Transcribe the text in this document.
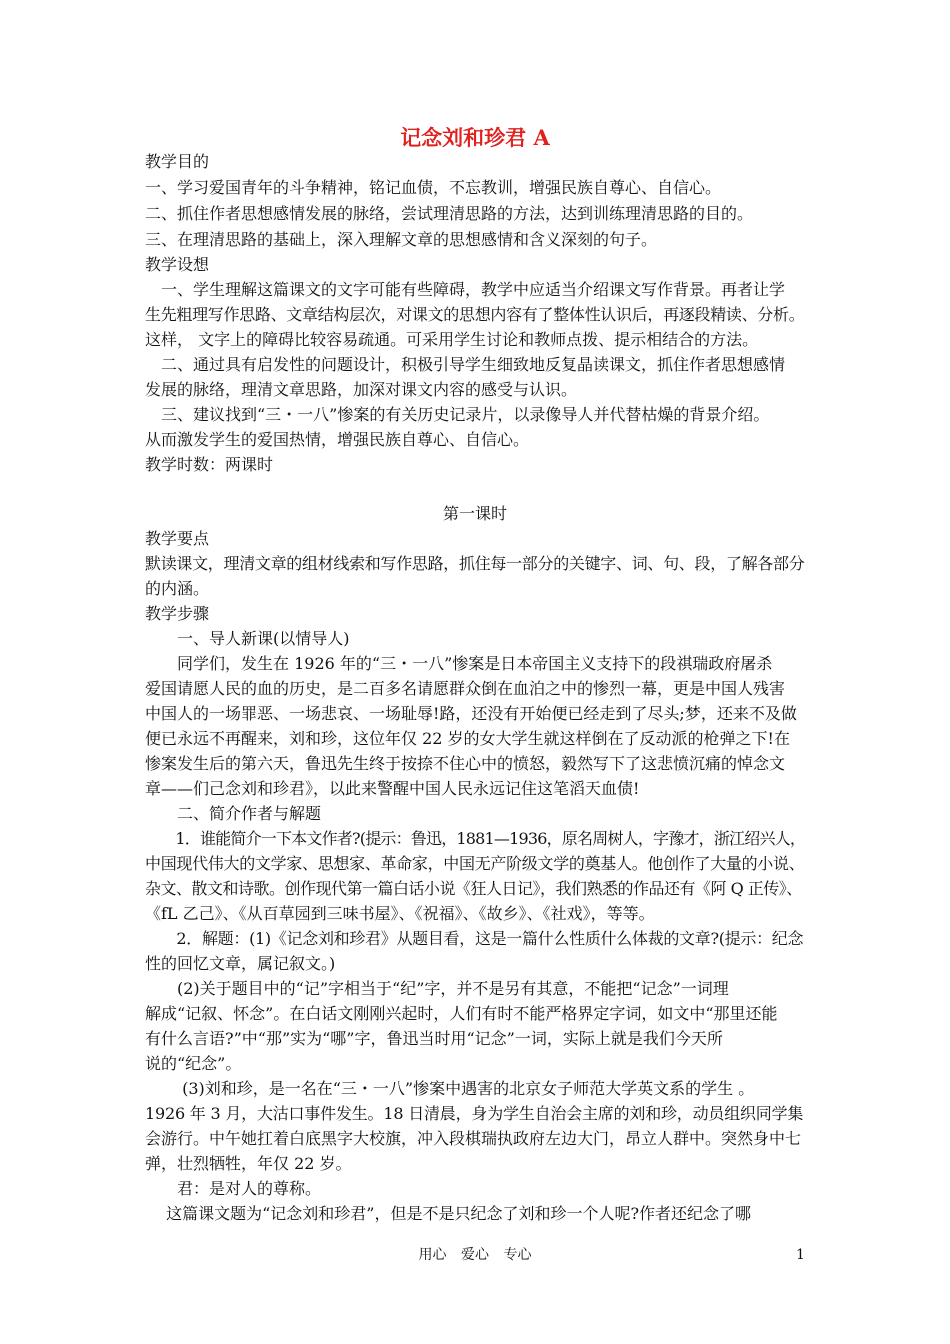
记念刘和珍君 A
教学目的
一、学习爱国青年的斗争精神，铭记血债，不忘教训，增强民族自尊心、自信心。
二、抓住作者思想感情发展的脉络，尝试理清思路的方法，达到训练理清思路的目的。
三、在理清思路的基础上，深入理解文章的思想感情和含义深刻的句子。
教学设想
　一、学生理解这篇课文的文字可能有些障碍，教学中应适当介绍课文写作背景。再者让学
生先粗理写作思路、文章结构层次，对课文的思想内容有了整体性认识后，再逐段精读、分析。
这样， 文字上的障碍比较容易疏通。可采用学生讨论和教师点拨、提示相结合的方法。
　二、通过具有启发性的问题设计，积极引导学生细致地反复晶读课文，抓住作者思想感情
发展的脉络，理清文章思路，加深对课文内容的感受与认识。
　三、建议找到“三・一八”惨案的有关历史记录片，以录像导人并代替枯燥的背景介绍。
从而激发学生的爱国热情，增强民族自尊心、自信心。
教学时数：两课时
第一课时
教学要点
默读课文，理清文章的组材线索和写作思路，抓住每一部分的关键字、词、句、段，了解各部分
的内涵。
教学步骤
　　一、导人新课(以情导人)
　　同学们，发生在 1926 年的“三・一八”惨案是日本帝国主义支持下的段祺瑞政府屠杀
爱国请愿人民的血的历史，是二百多名请愿群众倒在血泊之中的惨烈一幕，更是中国人残害
中国人的一场罪恶、一场悲哀、一场耻辱!路，还没有开始便已经走到了尽头;梦，还来不及做
便已永远不再醒来，刘和珍，这位年仅 22 岁的女大学生就这样倒在了反动派的枪弹之下!在
惨案发生后的第六天，鲁迅先生终于按捺不住心中的愤怒，毅然写下了这悲愤沉痛的悼念文
章——们己念刘和珍君》，以此来警醒中国人民永远记住这笔滔天血债!
　　二、简介作者与解题
　　1．谁能简介一下本文作者?(提示：鲁迅，1881—1936，原名周树人，字豫才，浙江绍兴人，
中国现代伟大的文学家、思想家、革命家，中国无产阶级文学的奠基人。他创作了大量的小说、
杂文、散文和诗歌。创作现代第一篇白话小说《狂人日记》，我们熟悉的作品还有《阿 Q 正传》、
《fL 乙己》、《从百草园到三味书屋》、《祝福》、《故乡》、《社戏》，等等。
　　2．解题：(1)《记念刘和珍君》从题目看，这是一篇什么性质什么体裁的文章?(提示：纪念
性的回忆文章，属记叙文。)
　　(2)关于题目中的“记”字相当于“纪”字，并不是另有其意，不能把“记念”一词理
解成“记叙、怀念”。在白话文刚刚兴起时，人们有时不能严格界定字词，如文中“那里还能
有什么言语?”中“那”实为“哪”字，鲁迅当时用“记念”一词，实际上就是我们今天所
说的“纪念”。
　　 (3)刘和珍，是一名在“三・一八”惨案中遇害的北京女子师范大学英文系的学生 。
1926 年 3 月，大沽口事件发生。18 日清晨，身为学生自治会主席的刘和珍，动员组织同学集
会游行。中午她扛着白底黑字大校旗，冲入段棋瑞执政府左边大门，昂立人群中。突然身中七
弹，壮烈牺牲，年仅 22 岁。
　　君：是对人的尊称。
　 这篇课文题为“记念刘和珍君”，但是不是只纪念了刘和珍一个人呢?作者还纪念了哪
用心 爱心 专心	1
